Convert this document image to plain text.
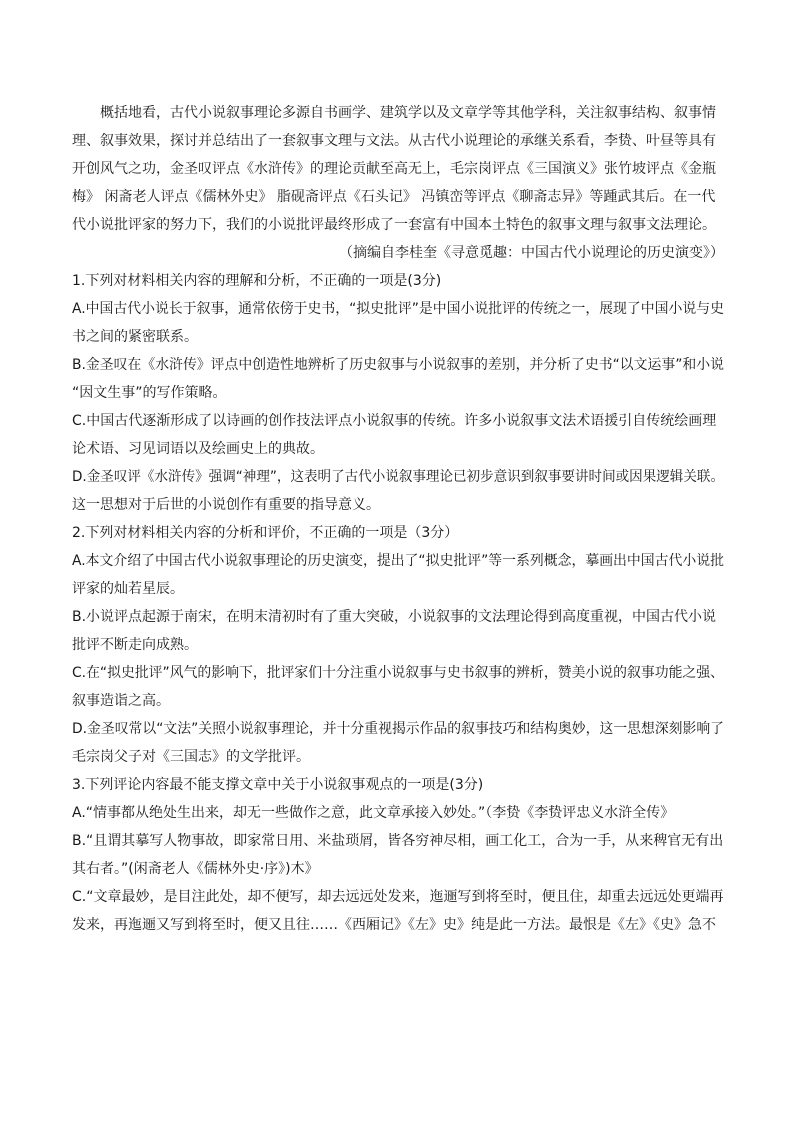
概括地看，古代小说叙事理论多源自书画学、建筑学以及文章学等其他学科，关注叙事结构、叙事情
理、叙事效果，探讨并总结出了一套叙事文理与文法。从古代小说理论的承继关系看，李贽、叶昼等具有
开创风气之功，金圣叹评点《水浒传》的理论贡献至高无上，毛宗岗评点《三国演义》张竹坡评点《金瓶
梅》 闲斋老人评点《儒林外史》 脂砚斋评点《石头记》 冯镇峦等评点《聊斋志异》等踵武其后。在一代
代小说批评家的努力下，我们的小说批评最终形成了一套富有中国本土特色的叙事文理与叙事文法理论。
（摘编自李桂奎《寻意觅趣：中国古代小说理论的历史演变》）
1.下列对材料相关内容的理解和分析，不正确的一项是(3分)
A.中国古代小说长于叙事，通常依傍于史书，“拟史批评”是中国小说批评的传统之一，展现了中国小说与史
书之间的紧密联系。
B.金圣叹在《水浒传》评点中创造性地辨析了历史叙事与小说叙事的差别，并分析了史书“以文运事”和小说
“因文生事”的写作策略。
C.中国古代逐渐形成了以诗画的创作技法评点小说叙事的传统。许多小说叙事文法术语援引自传统绘画理
论术语、习见词语以及绘画史上的典故。
D.金圣叹评《水浒传》强调“神理”，这表明了古代小说叙事理论已初步意识到叙事要讲时间或因果逻辑关联。
这一思想对于后世的小说创作有重要的指导意义。
2.下列对材料相关内容的分析和评价，不正确的一项是（3分）
A.本文介绍了中国古代小说叙事理论的历史演变，提出了“拟史批评”等一系列概念，摹画出中国古代小说批
评家的灿若星辰。
B.小说评点起源于南宋，在明末清初时有了重大突破，小说叙事的文法理论得到高度重视，中国古代小说
批评不断走向成熟。
C.在“拟史批评”风气的影响下，批评家们十分注重小说叙事与史书叙事的辨析，赞美小说的叙事功能之强、
叙事造诣之高。
D.金圣叹常以“文法”关照小说叙事理论，并十分重视揭示作品的叙事技巧和结构奥妙，这一思想深刻影响了
毛宗岗父子对《三国志》的文学批评。
3.下列评论内容最不能支撑文章中关于小说叙事观点的一项是(3分)
A.“情事都从绝处生出来，却无一些做作之意，此文章承接入妙处。”（李贽《李贽评忠义水浒全传》
B.“且谓其摹写人物事故，即家常日用、米盐琐屑，皆各穷神尽相，画工化工，合为一手，从来稗官无有出
其右者。”(闲斋老人《儒林外史·序》)木》
C.“文章最妙，是目注此处，却不便写，却去远远处发来，迤逦写到将至时，便且住，却重去远远处更端再
发来，再迤逦又写到将至时，便又且往……《西厢记》《左》史》纯是此一方法。最恨是《左》《史》急不
